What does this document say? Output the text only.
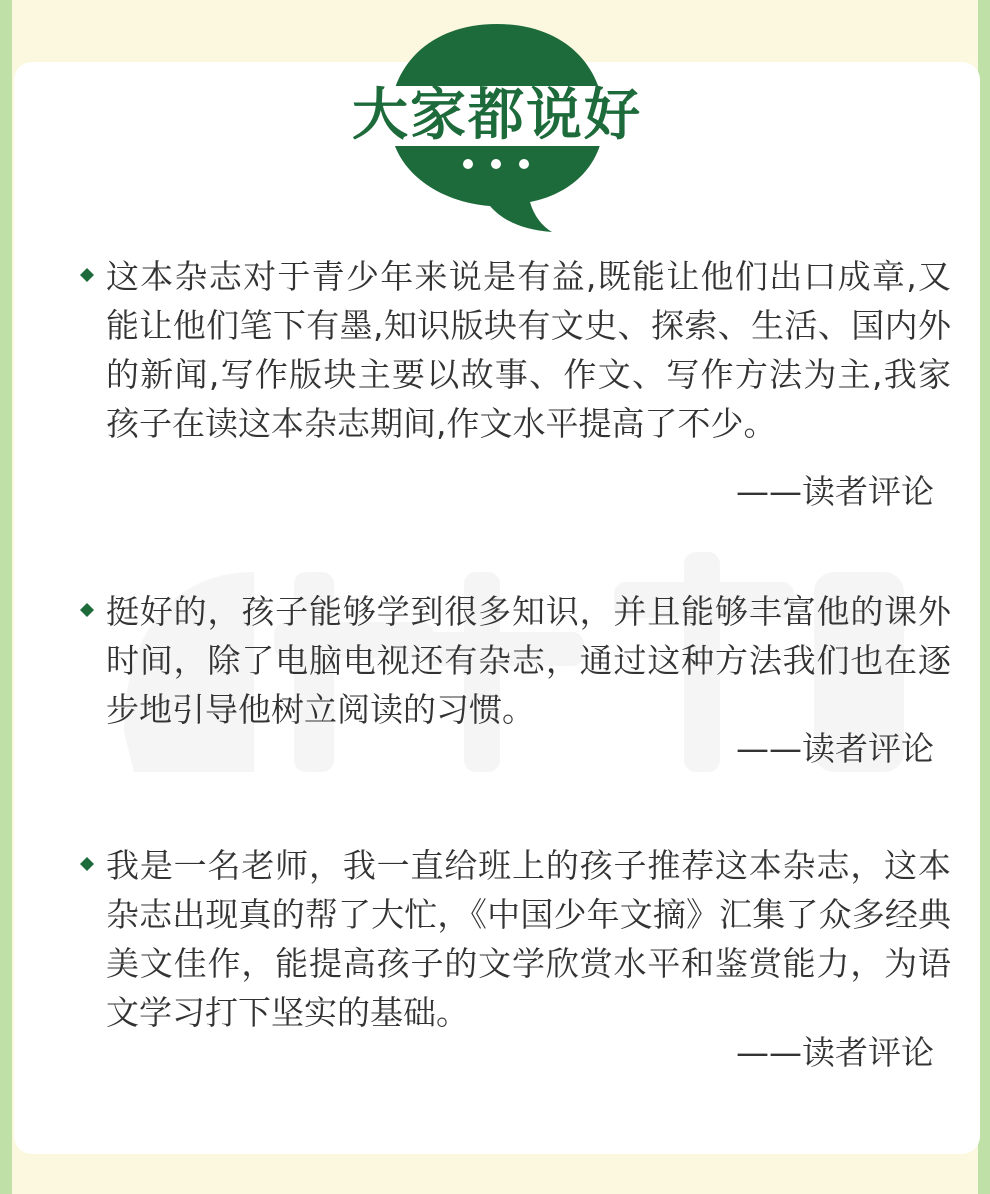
这本杂志对于青少年来说是有益,既能让他们出口成章,又能让他们笔下有墨,知识版块有文史、探索、生活、国内外的新闻,写作版块主要以故事、作文、写作方法为主,我家孩子在读这本杂志期间,作文水平提高了不少。
——读者评论
挺好的，孩子能够学到很多知识，并且能够丰富他的课外时间，除了电脑电视还有杂志，通过这种方法我们也在逐步地引导他树立阅读的习惯。
——读者评论
我是一名老师，我一直给班上的孩子推荐这本杂志，这本杂志出现真的帮了大忙，《中国少年文摘》汇集了众多经典美文佳作，能提高孩子的文学欣赏水平和鉴赏能力，为语文学习打下坚实的基础。
——读者评论
大家都说好
